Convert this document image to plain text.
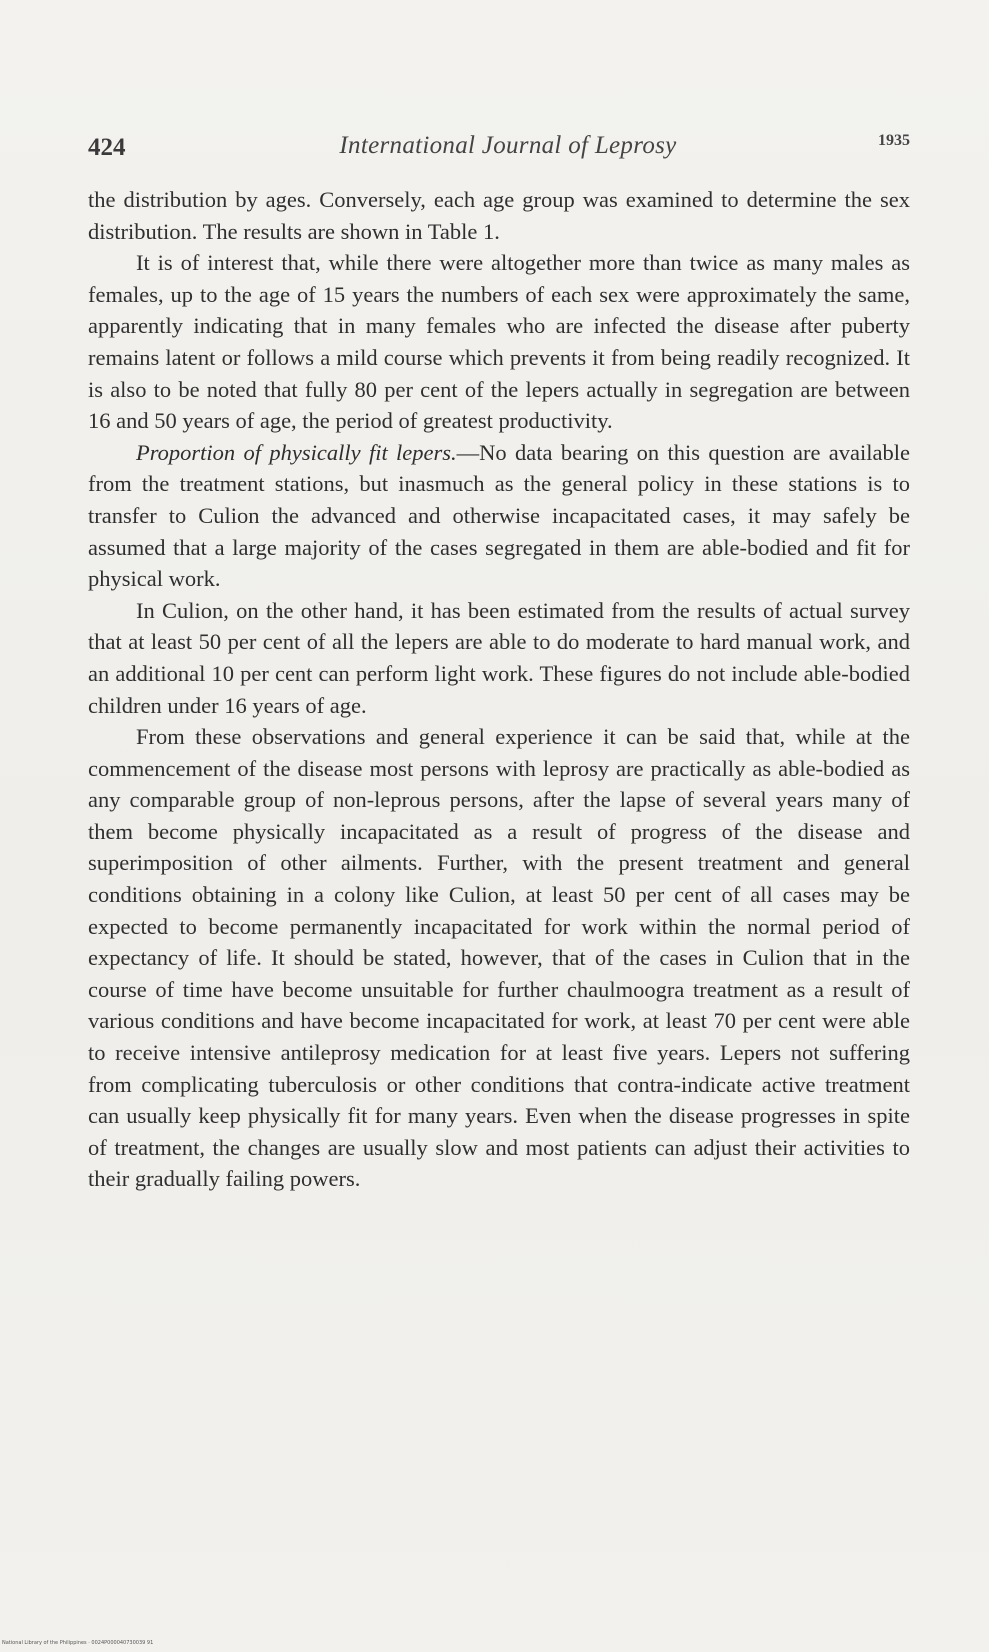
424	International Journal of Leprosy	1935

the distribution by ages. Conversely, each age group was examined to determine the sex distribution. The results are shown in Table 1.

It is of interest that, while there were altogether more than twice as many males as females, up to the age of 15 years the numbers of each sex were approximately the same, apparently indicating that in many females who are infected the disease after puberty remains latent or follows a mild course which prevents it from being readily recognized. It is also to be noted that fully 80 per cent of the lepers actually in segregation are between 16 and 50 years of age, the period of greatest productivity.

Proportion of physically fit lepers.—No data bearing on this question are available from the treatment stations, but inasmuch as the general policy in these stations is to transfer to Culion the advanced and otherwise incapacitated cases, it may safely be assumed that a large majority of the cases segregated in them are able-bodied and fit for physical work.

In Culion, on the other hand, it has been estimated from the results of actual survey that at least 50 per cent of all the lepers are able to do moderate to hard manual work, and an additional 10 per cent can perform light work. These figures do not include able-bodied children under 16 years of age.

From these observations and general experience it can be said that, while at the commencement of the disease most persons with leprosy are practically as able-bodied as any comparable group of non-leprous persons, after the lapse of several years many of them become physically incapacitated as a result of progress of the disease and superimposition of other ailments. Further, with the present treatment and general conditions obtaining in a colony like Culion, at least 50 per cent of all cases may be expected to become permanently incapacitated for work within the normal period of expectancy of life. It should be stated, however, that of the cases in Culion that in the course of time have become unsuitable for further chaulmoogra treatment as a result of various conditions and have become incapacitated for work, at least 70 per cent were able to receive intensive antileprosy medication for at least five years. Lepers not suffering from complicating tuberculosis or other conditions that contra-indicate active treatment can usually keep physically fit for many years. Even when the disease progresses in spite of treatment, the changes are usually slow and most patients can adjust their activities to their gradually failing powers.

National Library of the Philippines · 0024P000040730039 91
